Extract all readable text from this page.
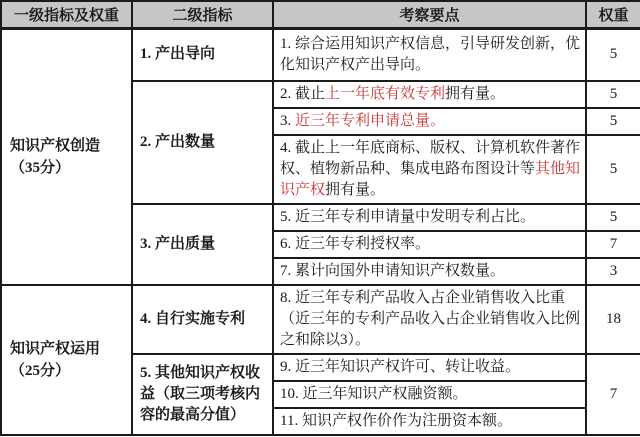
一级指标及权重	二级指标	考察要点	权重

知识产权创造（35分）	1. 产出导向	1. 综合运用知识产权信息，引导研发创新，优化知识产权产出导向。	5
	2. 产出数量	2. 截止上一年底有效专利拥有量。	5
		3. 近三年专利申请总量。	5
		4. 截止上一年底商标、版权、计算机软件著作权、植物新品种、集成电路布图设计等其他知识产权拥有量。	5
	3. 产出质量	5. 近三年专利申请量中发明专利占比。	5
		6. 近三年专利授权率。	7
		7. 累计向国外申请知识产权数量。	3

知识产权运用（25分）	4. 自行实施专利	8. 近三年专利产品收入占企业销售收入比重（近三年的专利产品收入占企业销售收入比例之和除以3）。	18
	5. 其他知识产权收益（取三项考核内容的最高分值）	9. 近三年知识产权许可、转让收益。	7
		10. 近三年知识产权融资额。	
		11. 知识产权作价作为注册资本额。	
